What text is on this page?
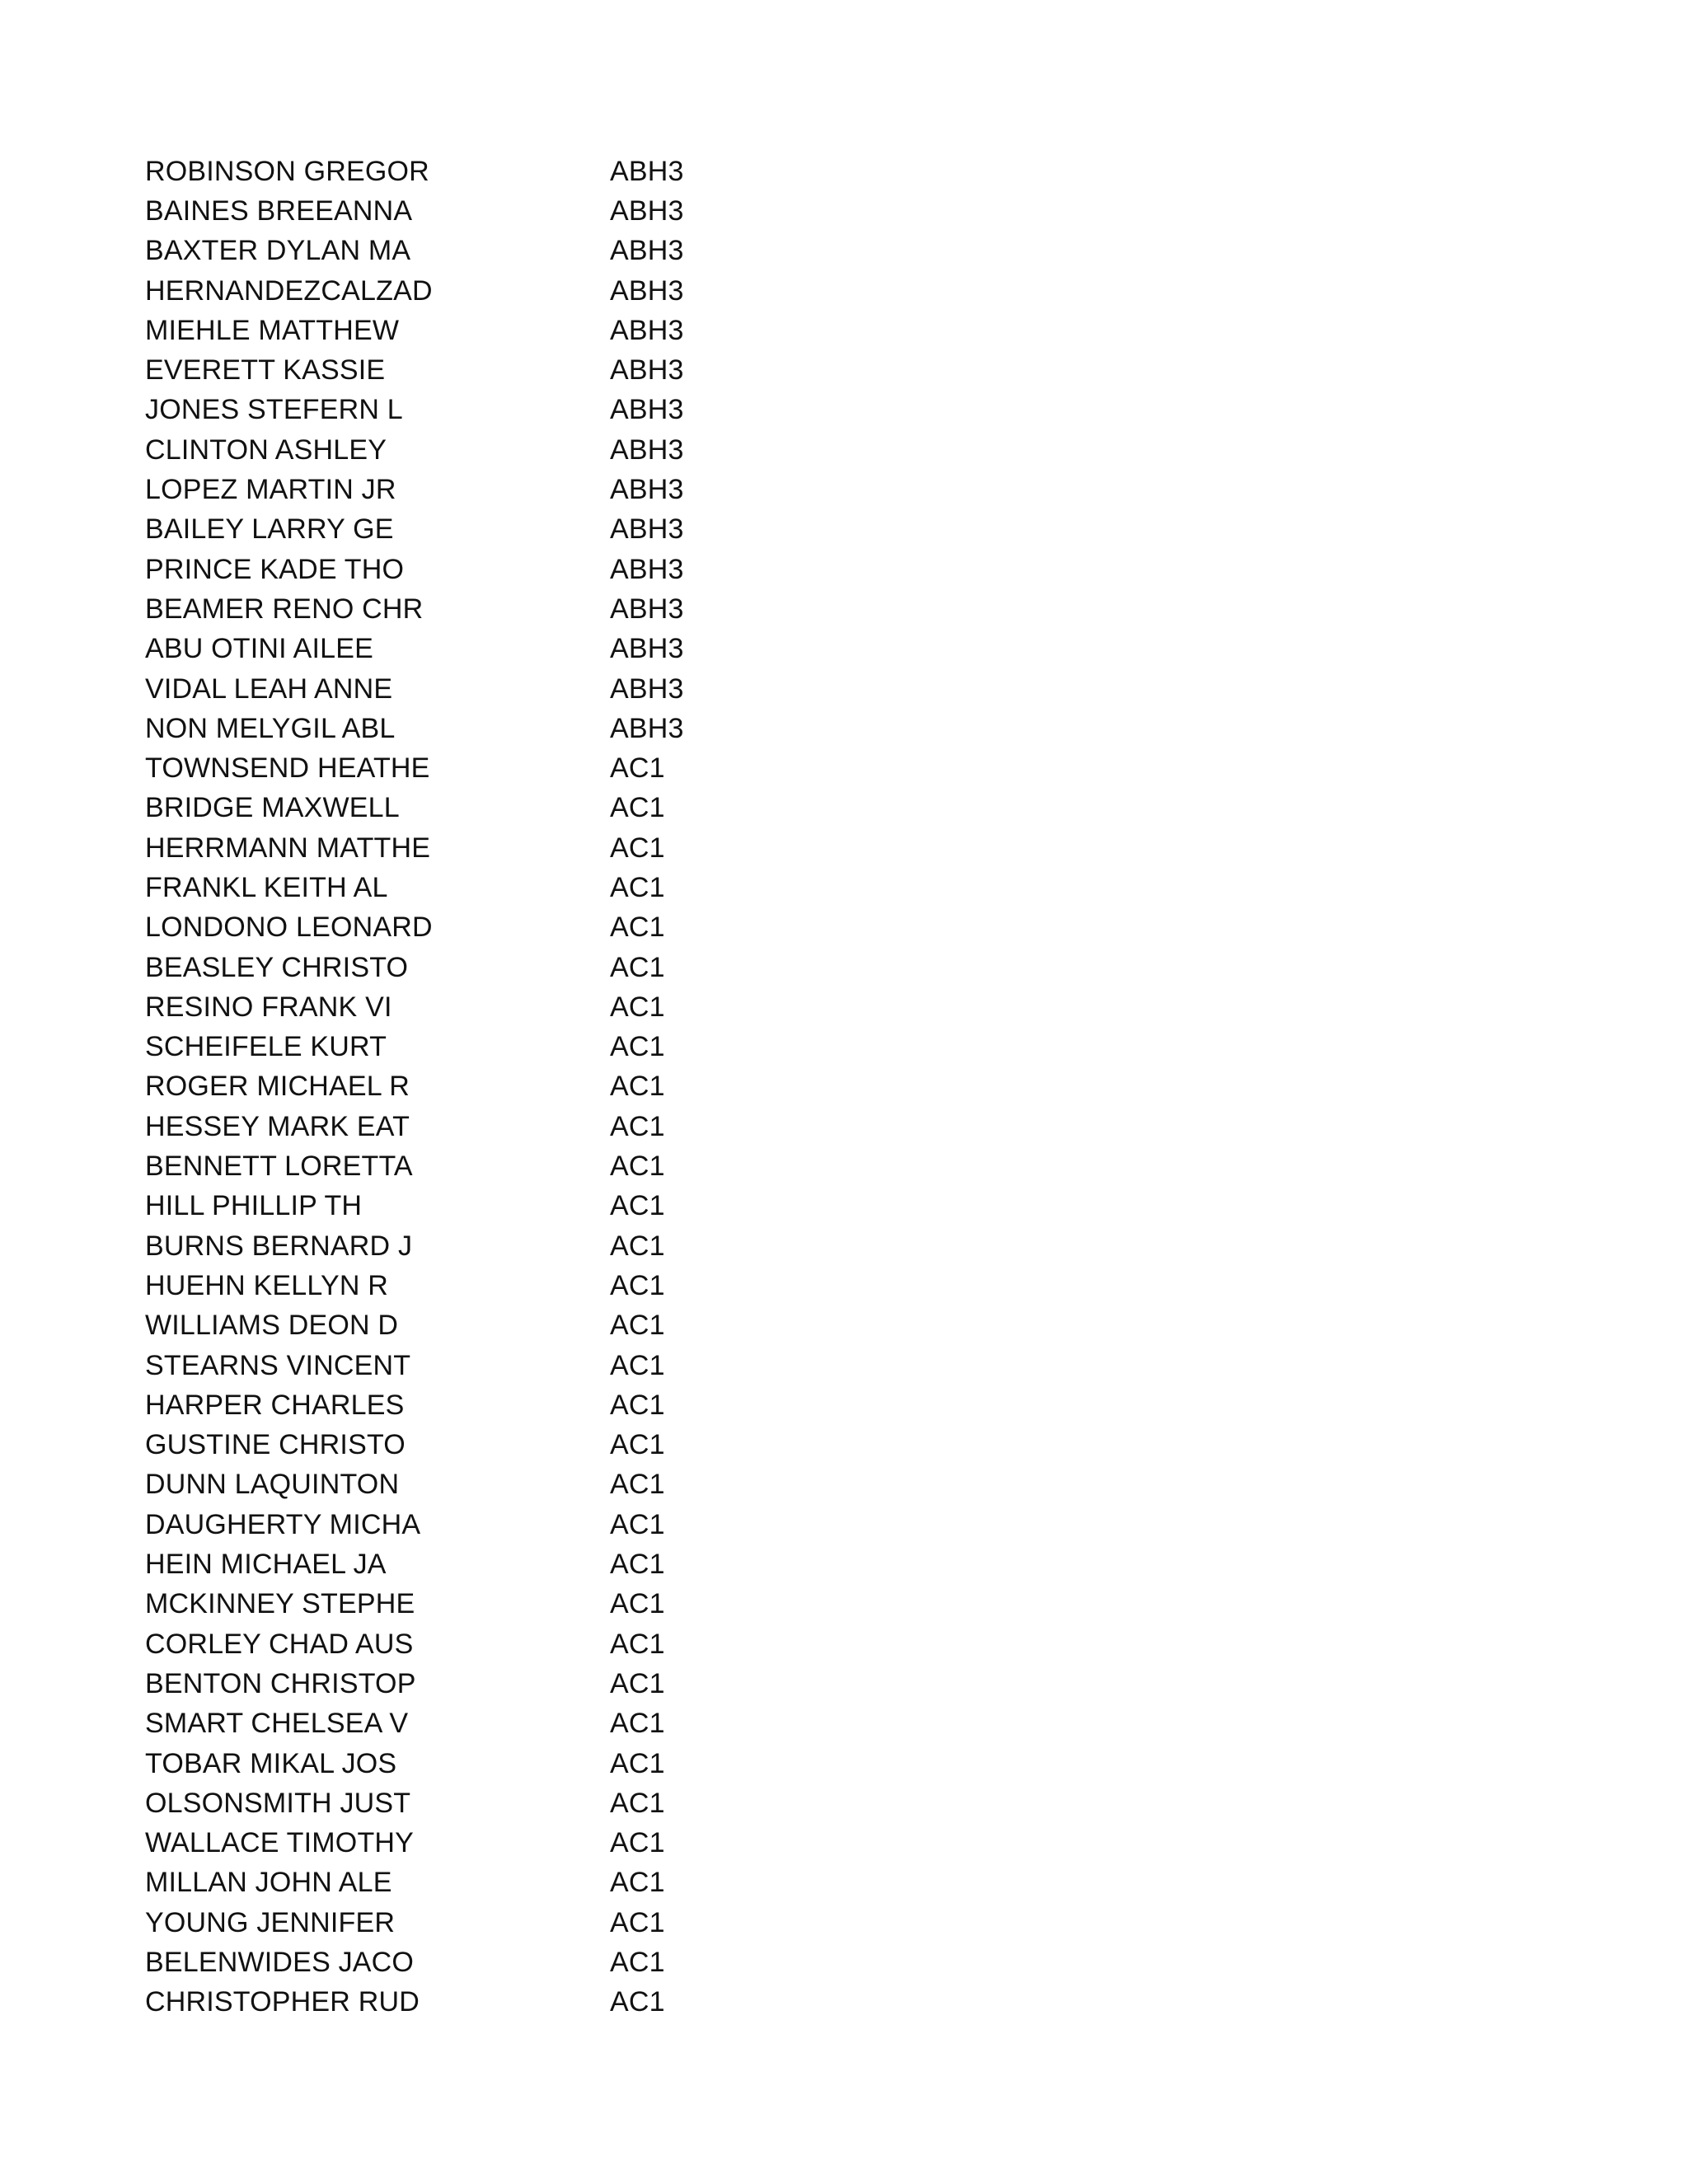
ROBINSON GREGOR	ABH3
BAINES BREEANNA	ABH3
BAXTER DYLAN MA	ABH3
HERNANDEZCALZAD	ABH3
MIEHLE MATTHEW	ABH3
EVERETT KASSIE	ABH3
JONES STEFERN L	ABH3
CLINTON ASHLEY	ABH3
LOPEZ MARTIN JR	ABH3
BAILEY LARRY GE	ABH3
PRINCE KADE THO	ABH3
BEAMER RENO CHR	ABH3
ABU OTINI AILEE	ABH3
VIDAL LEAH ANNE	ABH3
NON MELYGIL ABL	ABH3
TOWNSEND HEATHE	AC1
BRIDGE MAXWELL	AC1
HERRMANN MATTHE	AC1
FRANKL KEITH AL	AC1
LONDONO LEONARD	AC1
BEASLEY CHRISTO	AC1
RESINO FRANK VI	AC1
SCHEIFELE KURT	AC1
ROGER MICHAEL R	AC1
HESSEY MARK EAT	AC1
BENNETT LORETTA	AC1
HILL PHILLIP TH	AC1
BURNS BERNARD J	AC1
HUEHN KELLYN R	AC1
WILLIAMS DEON D	AC1
STEARNS VINCENT	AC1
HARPER CHARLES	AC1
GUSTINE CHRISTO	AC1
DUNN LAQUINTON	AC1
DAUGHERTY MICHA	AC1
HEIN MICHAEL JA	AC1
MCKINNEY STEPHE	AC1
CORLEY CHAD AUS	AC1
BENTON CHRISTOP	AC1
SMART CHELSEA V	AC1
TOBAR MIKAL JOS	AC1
OLSONSMITH JUST	AC1
WALLACE TIMOTHY	AC1
MILLAN JOHN ALE	AC1
YOUNG JENNIFER	AC1
BELENWIDES JACO	AC1
CHRISTOPHER RUD	AC1
